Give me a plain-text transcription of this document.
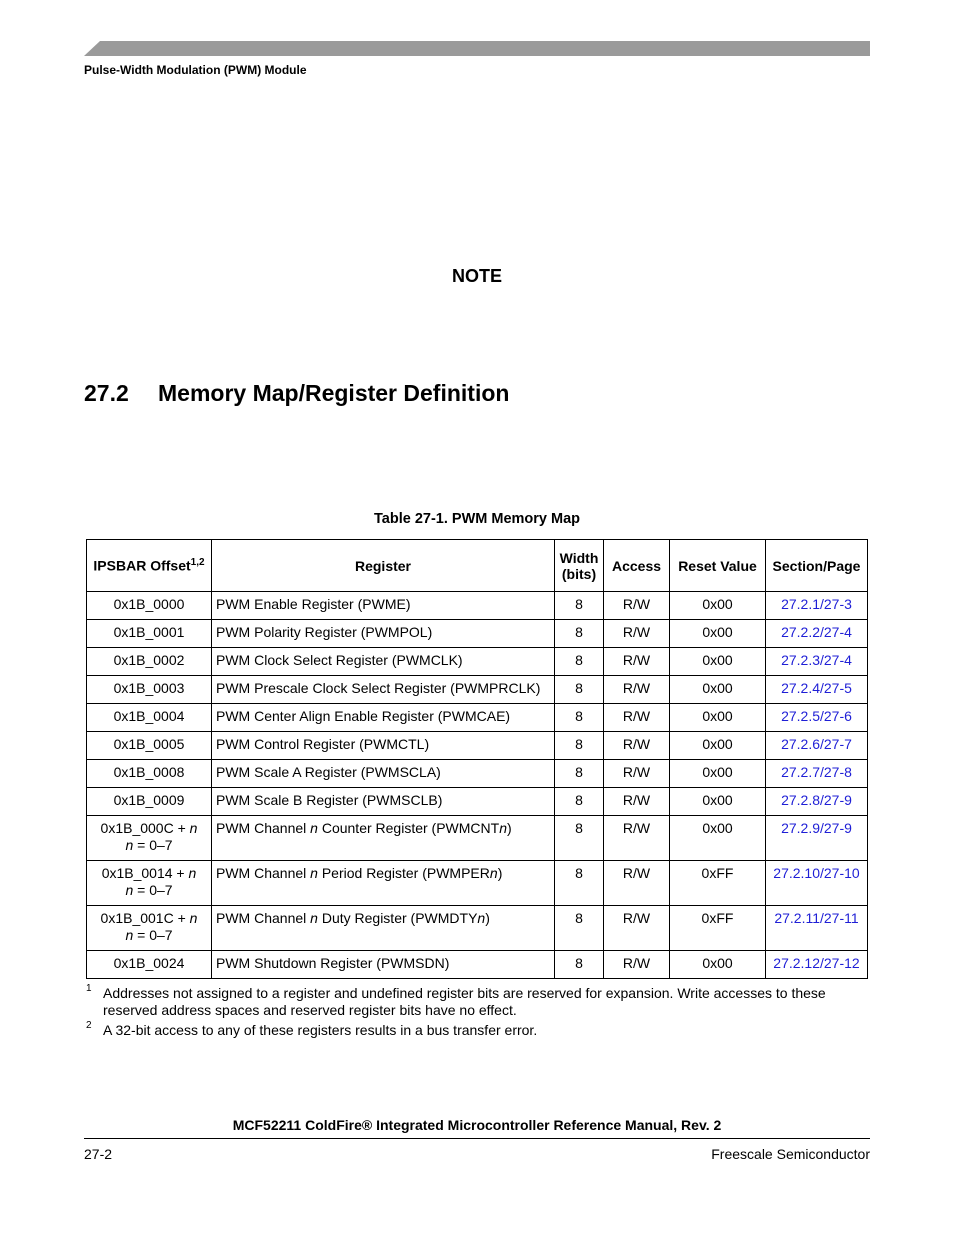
Pulse-Width Modulation (PWM) Module
NOTE
27.2 Memory Map/Register Definition
Table 27-1. PWM Memory Map
IPSBAR Offset$^{1,2}$	Register	Width
(bits)	Access	Reset Value	Section/Page
0x1B_0000	PWM Enable Register (PWME)	8	R/W	0x00	27.2.1/27-3
0x1B_0001	PWM Polarity Register (PWMPOL)	8	R/W	0x00	27.2.2/27-4
0x1B_0002	PWM Clock Select Register (PWMCLK)	8	R/W	0x00	27.2.3/27-4
0x1B_0003	PWM Prescale Clock Select Register (PWMPRCLK)	8	R/W	0x00	27.2.4/27-5
0x1B_0004	PWM Center Align Enable Register (PWMCAE)	8	R/W	0x00	27.2.5/27-6
0x1B_0005	PWM Control Register (PWMCTL)	8	R/W	0x00	27.2.6/27-7
0x1B_0008	PWM Scale A Register (PWMSCLA)	8	R/W	0x00	27.2.7/27-8
0x1B_0009	PWM Scale B Register (PWMSCLB)	8	R/W	0x00	27.2.8/27-9
0x1B_000C + n
n = 0–7	PWM Channel n Counter Register (PWMCNTn)	8	R/W	0x00	27.2.9/27-9
0x1B_0014 + n
n = 0–7	PWM Channel n Period Register (PWMPERn)	8	R/W	0xFF	27.2.10/27-10
0x1B_001C + n
n = 0–7	PWM Channel n Duty Register (PWMDTYn)	8	R/W	0xFF	27.2.11/27-11
0x1B_0024	PWM Shutdown Register (PWMSDN)	8	R/W	0x00	27.2.12/27-12
1 Addresses not assigned to a register and undefined register bits are reserved for expansion. Write accesses to these reserved address spaces and reserved register bits have no effect.
2 A 32-bit access to any of these registers results in a bus transfer error.
MCF52211 ColdFire® Integrated Microcontroller Reference Manual, Rev. 2
27-2	Freescale Semiconductor
